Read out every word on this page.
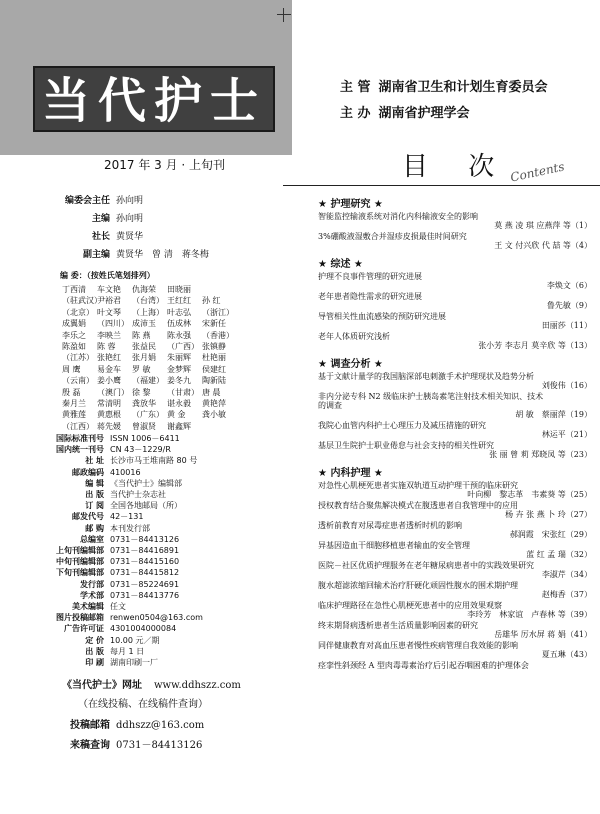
当代护士	主 管 湖南省卫生和计划生育委员会
主 办 湖南省护理学会
2017 年 3 月 · 上旬刊	目 次
Contents
编委会主任 孙向明
主编 孙向明
社长 黄贤华
副主编 黄贤华　曾 清　蒋冬梅
编 委：（按姓氏笔划排列）
丁西清 车文艳 仇海荣 田晓丽
（驻武汉）尹裕君 （台湾） 王红红 孙 红
（北京） 叶文琴 （上海） 叶志弘 （浙江）
成翼娟 （四川） 成沛玉 伍成林 宋新任
李乐之 李映兰 陈 燕 陈永强 （香港）
陈盈如 陈 蓉 张益民 （广西） 张镇静
（江苏） 张艳红 张月娟 朱丽辉 杜艳丽
周 鹰 易金车 罗 敏 金梦辉 侯建红
（云南） 姜小鹰 （福建） 姜冬九 陶新陆
殷 磊 （澳门） 徐 黎 （甘肃） 唐 晨
秦月兰 常清明 龚放华 谌永毅 黄艳萍
黄雅莲 黄惠根 （广东） 黄 金 龚小敏
（江西） 蒋先媛 曾淑贤 谢鑫辉
国际标准刊号 ISSN 1006－6411
国内统一刊号 CN 43－1229/R
社 址 长沙市马王堆南路 80 号
邮政编码 410016
编 辑 《当代护士》编辑部
出 版 当代护士杂志社
订 阅 全国各地邮局（所）
邮发代号 42－131
邮 购 本刊发行部
总编室 0731－84413126
上旬刊编辑部 0731－84416891
中旬刊编辑部 0731－84415160
下旬刊编辑部 0731－84415812
发行部 0731－85224691
学术部 0731－84413776
美术编辑 任文
图片投稿邮箱 renwen0504@163.com
广告许可证 4301004000084
定 价 10.00 元／期
出 版 每月 1 日
印 刷 湖南印刷一厂
《当代护士》网址 www.ddhszz.com
（在线投稿、在线稿件查询）
投稿邮箱 ddhszz@163.com
来稿查询 0731－84413126
★ 护理研究 ★
智能监控输液系统对消化内科输液安全的影响
莫 燕 凌 琪 应燕萍 等（1）
3%硼酸液湿敷合并湿疹皮损最佳时间研究
王 文 付兴欣 代 喆 等（4）
★ 综述 ★
护理不良事件管理的研究进展
李焕文（6）
老年患者隐性需求的研究进展
鲁先敏（9）
导管相关性血流感染的预防研究进展
田丽莎（11）
老年人体质研究浅析
张小芳 李志月 莫辛欣 等（13）
★ 调查分析 ★
基于文献计量学的我国脑深部电刺激手术护理现状及趋势分析
刘俊伟（16）
非内分泌专科 N2 级临床护士胰岛素笔注射技术相关知识、技术
的调查
胡 敏　蔡丽萍（19）
我院心血管内科护士心理压力及减压措施的研究
林运平（21）
基层卫生院护士职业倦怠与社会支持的相关性研究
张 丽 曾 莉 郑晓凤 等（23）
★ 内科护理 ★
对急性心肌梗死患者实施双轨道互动护理干预的临床研究
叶向柳　黎志革　韦素葵 等（25）
授权教育结合聚焦解决模式在腹透患者自我管理中的应用
杨 卉 张 燕 卜 玲（27）
透析前教育对尿毒症患者透析时机的影响
郝润霞　宋张红（29）
异基因造血干细胞移植患者输血的安全管理
蓝 红 孟 瑞（32）
医院－社区优质护理服务在老年糖尿病患者中的实践效果研究
李淑芹（34）
腹水超滤浓缩回输术治疗肝硬化顽固性腹水的围术期护理
赵梅香（37）
临床护理路径在急性心肌梗死患者中的应用效果观察
李玲芳　林家谊　卢春林 等（39）
终末期肾病透析患者生活质量影响因素的研究
岳雄华 厉水屏 蒋 娟（41）
同伴健康教育对高血压患者慢性疾病管理自我效能的影响
夏五琳（43）
痉挛性斜颈经 A 型肉毒毒素治疗后引起吞咽困难的护理体会
